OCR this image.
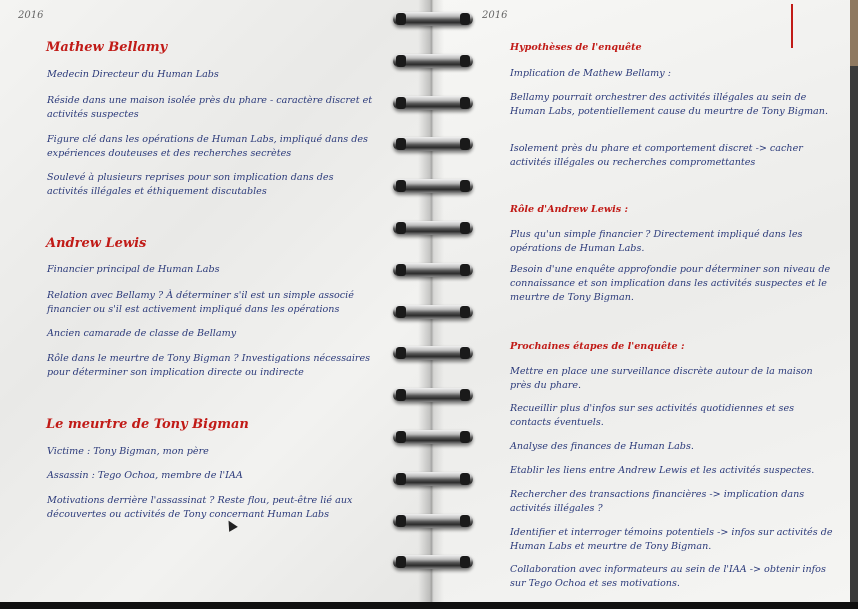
2016
Mathew Bellamy
Medecin Directeur du Human Labs
Réside dans une maison isolée près du phare - caractère discret et activités suspectes
Figure clé dans les opérations de Human Labs, impliqué dans des expériences douteuses et des recherches secrètes
Soulevé à plusieurs reprises pour son implication dans des activités illégales et éthiquement discutables
Andrew Lewis
Financier principal de Human Labs
Relation avec Bellamy ? À déterminer s'il est un simple associé financier ou s'il est activement impliqué dans les opérations
Ancien camarade de classe de Bellamy
Rôle dans le meurtre de Tony Bigman ? Investigations nécessaires pour déterminer son implication directe ou indirecte
Le meurtre de Tony Bigman
Victime : Tony Bigman, mon père
Assassin : Tego Ochoa, membre de l'IAA
Motivations derrière l'assassinat ? Reste flou, peut-être lié aux découvertes ou activités de Tony concernant Human Labs
2016
Hypothèses de l'enquête
Implication de Mathew Bellamy :
Bellamy pourrait orchestrer des activités illégales au sein de Human Labs, potentiellement cause du meurtre de Tony Bigman.
Isolement près du phare et comportement discret -> cacher activités illégales ou recherches compromettantes
Rôle d'Andrew Lewis :
Plus qu'un simple financier ? Directement impliqué dans les opérations de Human Labs.
Besoin d'une enquête approfondie pour déterminer son niveau de connaissance et son implication dans les activités suspectes et le meurtre de Tony Bigman.
Prochaines étapes de l'enquête :
Mettre en place une surveillance discrète autour de la maison près du phare.
Recueillir plus d'infos sur ses activités quotidiennes et ses contacts éventuels.
Analyse des finances de Human Labs.
Etablir les liens entre Andrew Lewis et les activités suspectes.
Rechercher des transactions financières -> implication dans activités illégales ?
Identifier et interroger témoins potentiels -> infos sur activités de Human Labs et meurtre de Tony Bigman.
Collaboration avec informateurs au sein de l'IAA -> obtenir infos sur Tego Ochoa et ses motivations.
